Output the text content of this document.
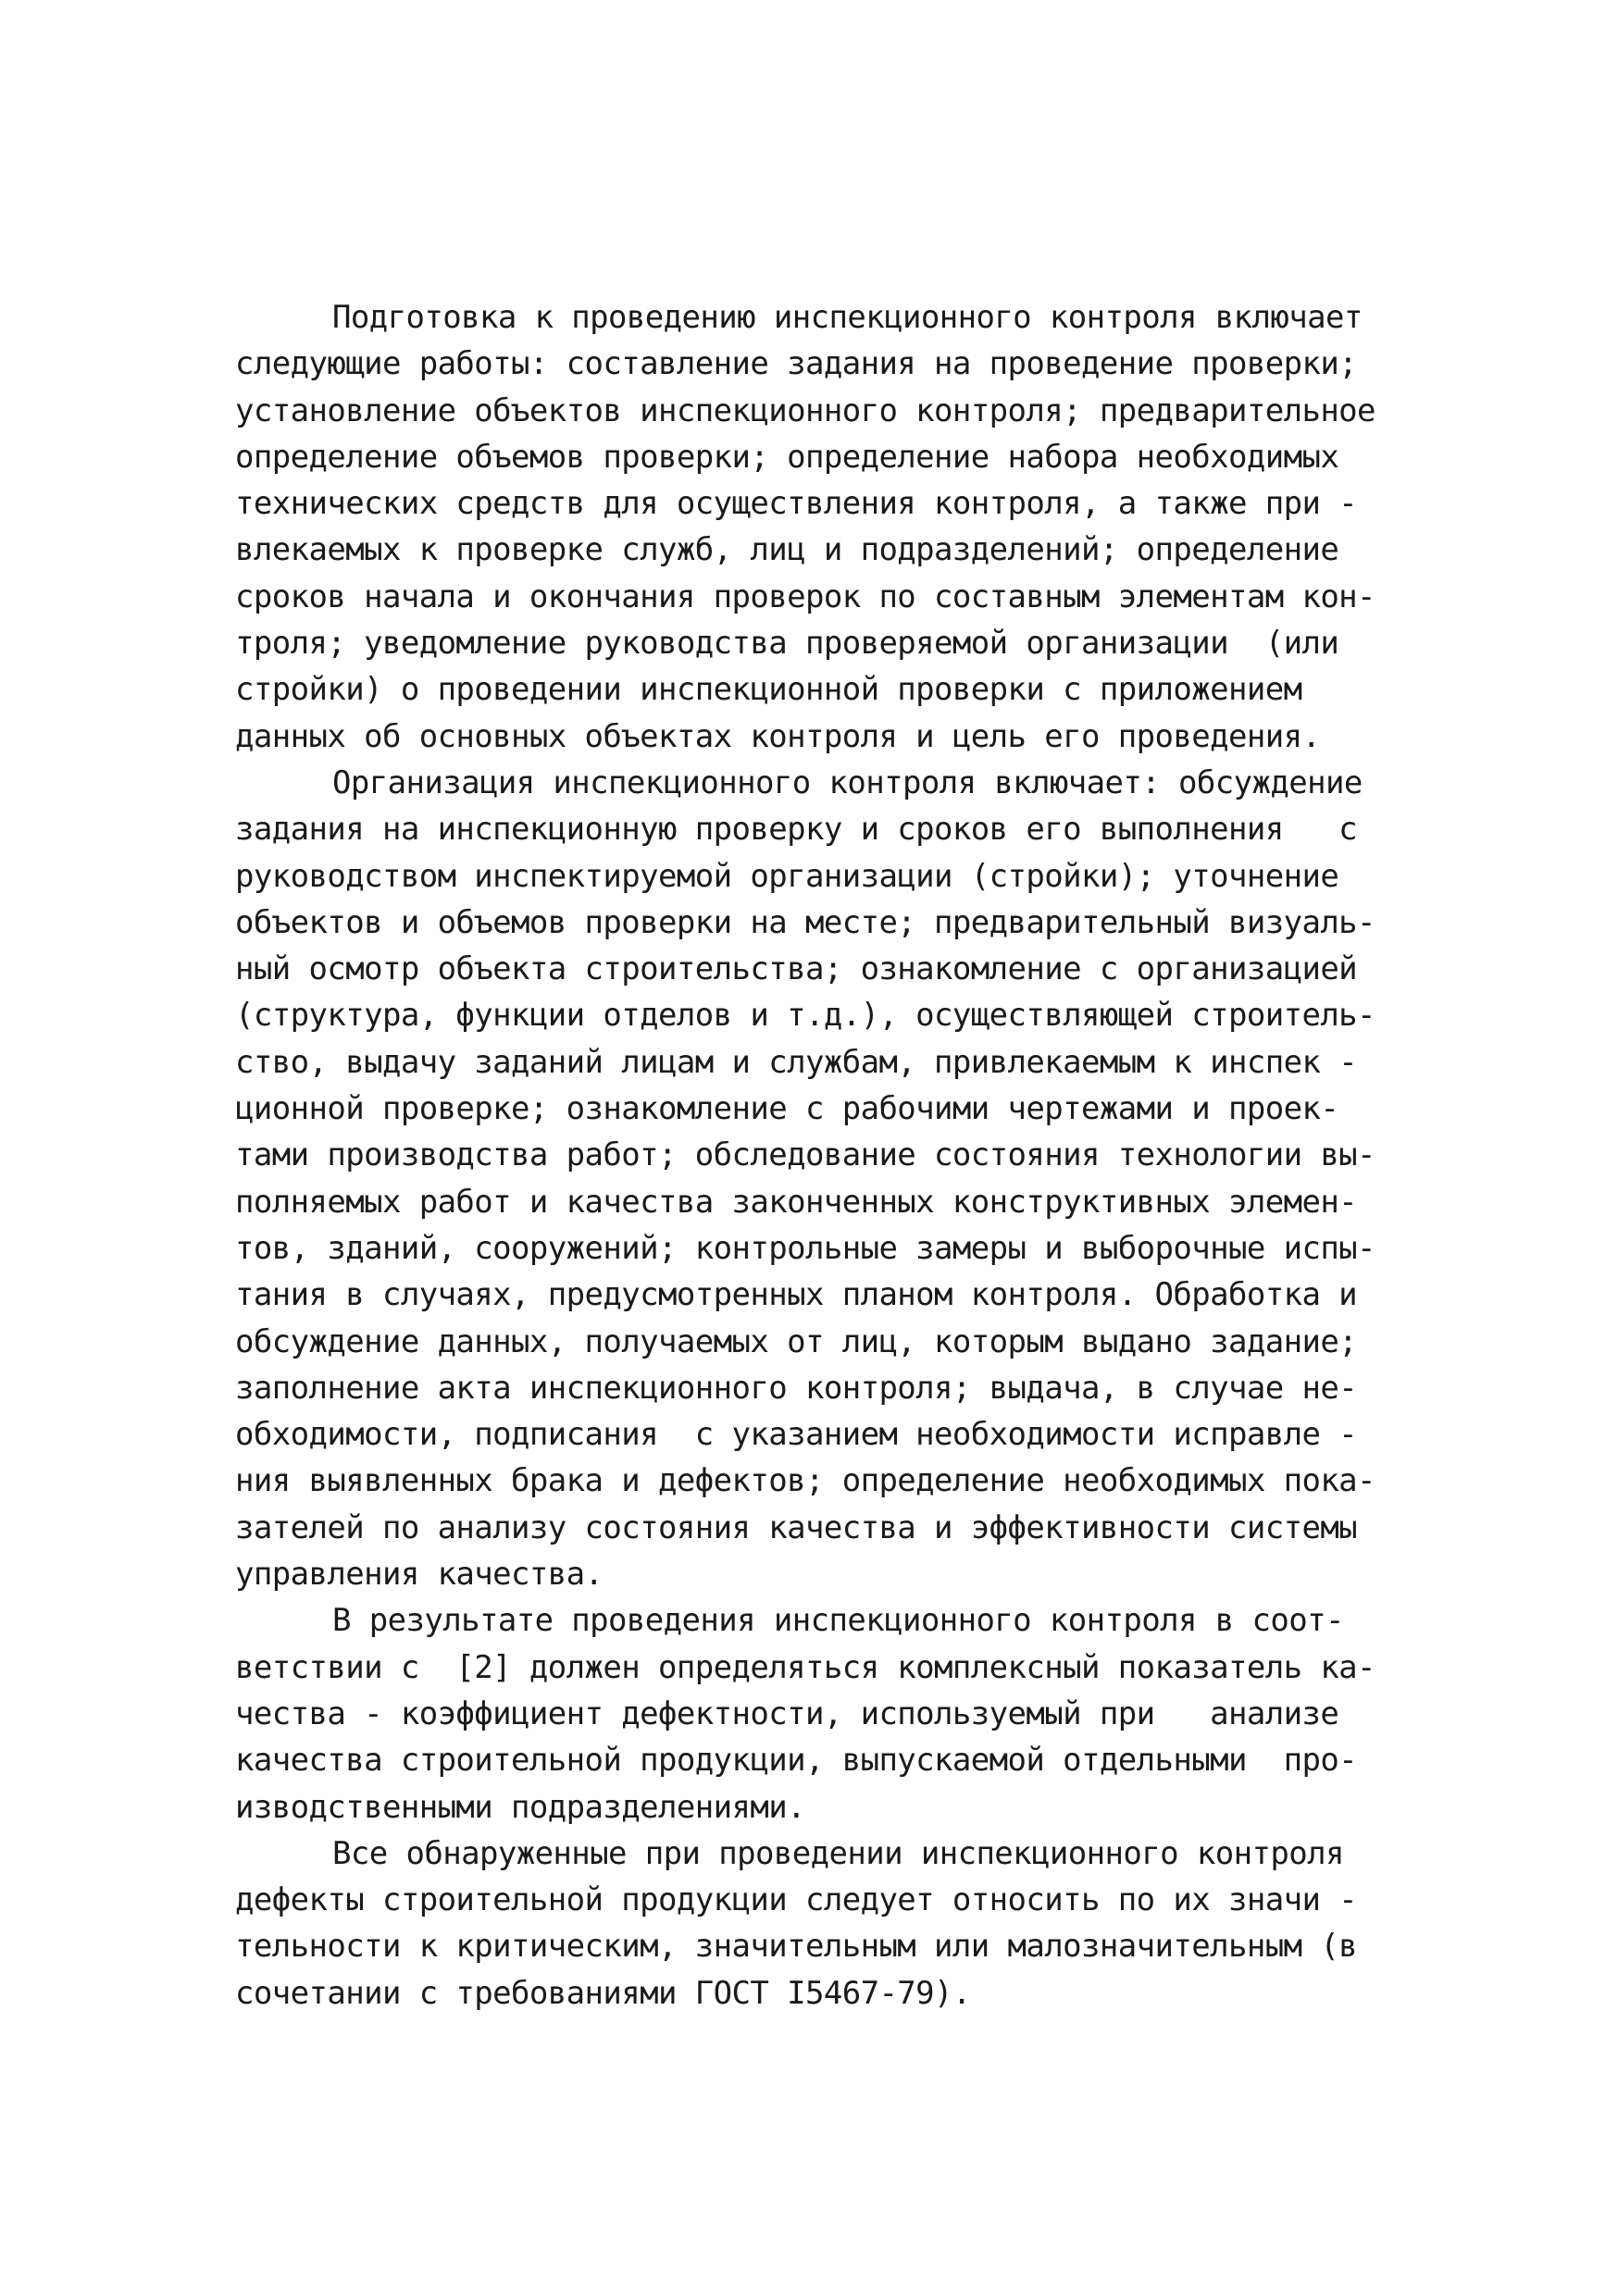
Подготовка к проведению инспекционного контроля включает
следующие работы: составление задания на проведение проверки;
установление объектов инспекционного контроля; предварительное
определение объемов проверки; определение набора необходимых
технических средств для осуществления контроля, а также при -
влекаемых к проверке служб, лиц и подразделений; определение
сроков начала и окончания проверок по составным элементам кон-
троля; уведомление руководства проверяемой организации  (или
стройки) о проведении инспекционной проверки с приложением
данных об основных объектах контроля и цель его проведения.
Организация инспекционного контроля включает: обсуждение
задания на инспекционную проверку и сроков его выполнения   с
руководством инспектируемой организации (стройки); уточнение
объектов и объемов проверки на месте; предварительный визуаль-
ный осмотр объекта строительства; ознакомление с организацией
(структура, функции отделов и т.д.), осуществляющей строитель-
ство, выдачу заданий лицам и службам, привлекаемым к инспек -
ционной проверке; ознакомление с рабочими чертежами и проек-
тами производства работ; обследование состояния технологии вы-
полняемых работ и качества законченных конструктивных элемен-
тов, зданий, сооружений; контрольные замеры и выборочные испы-
тания в случаях, предусмотренных планом контроля. Обработка и
обсуждение данных, получаемых от лиц, которым выдано задание;
заполнение акта инспекционного контроля; выдача, в случае не-
обходимости, подписания  с указанием необходимости исправле -
ния выявленных брака и дефектов; определение необходимых пока-
зателей по анализу состояния качества и эффективности системы
управления качества.
В результате проведения инспекционного контроля в соот-
ветствии с  [2] должен определяться комплексный показатель ка-
чества - коэффициент дефектности, используемый при   анализе
качества строительной продукции, выпускаемой отдельными  про-
изводственными подразделениями.
Все обнаруженные при проведении инспекционного контроля
дефекты строительной продукции следует относить по их значи -
тельности к критическим, значительным или малозначительным (в
сочетании с требованиями ГОСТ I5467-79).
